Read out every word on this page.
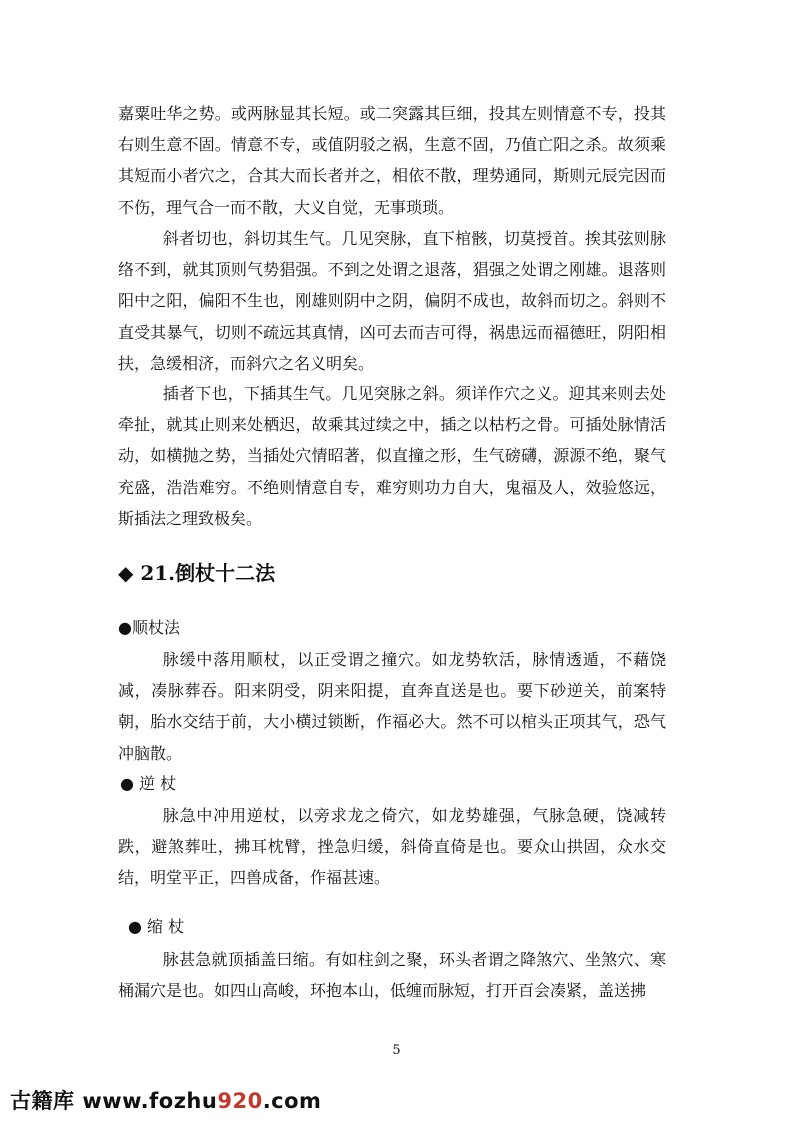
嘉粟吐华之势。或两脉显其长短。或二突露其巨细，投其左则情意不专，投其右则生意不固。情意不专，或值阴驳之祸，生意不固，乃值亡阳之杀。故须乘其短而小者穴之，合其大而长者并之，相依不散，理势通同，斯则元辰完因而不伤，理气合一而不散，大义自觉，无事琐琐。

斜者切也，斜切其生气。几见突脉，直下棺骸，切莫授首。挨其弦则脉络不到，就其顶则气势猖强。不到之处谓之退落，猖强之处谓之刚雄。退落则阳中之阳，偏阳不生也，刚雄则阴中之阴，偏阴不成也，故斜而切之。斜则不直受其暴气，切则不疏远其真情，凶可去而吉可得，祸患远而福德旺，阴阳相扶，急缓相济，而斜穴之名义明矣。

插者下也，下插其生气。几见突脉之斜。须详作穴之义。迎其来则去处牵扯，就其止则来处栖迟，故乘其过续之中，插之以枯朽之骨。可插处脉情活动，如横抛之势，当插处穴情昭著，似直撞之形，生气磅礴，源源不绝，聚气充盛，浩浩难穷。不绝则情意自专，难穷则功力自大，鬼福及人，效验悠远，斯插法之理致极矣。

◆ 21.倒杖十二法
●顺杖法

脉缓中落用顺杖，以正受谓之撞穴。如龙势软活，脉情透遁，不藉饶减，凑脉葬吞。阳来阴受，阴来阳提，直奔直送是也。要下砂逆关，前案特朝，胎水交结于前，大小横过锁断，作福必大。然不可以棺头正项其气，恐气冲脑散。

● 逆 杖

脉急中冲用逆杖，以旁求龙之倚穴，如龙势雄强，气脉急硬，饶减转跌，避煞葬吐，拂耳枕臂，挫急归缓，斜倚直倚是也。要众山拱固，众水交结，明堂平正，四兽成备，作福甚速。

● 缩 杖

脉甚急就顶插盖曰缩。有如柱剑之聚，环头者谓之降煞穴、坐煞穴、寒桶漏穴是也。如四山高峻，环抱本山，低缠而脉短，打开百会凑紧，盖送拂

5
古籍库 www.fozhu920.com
